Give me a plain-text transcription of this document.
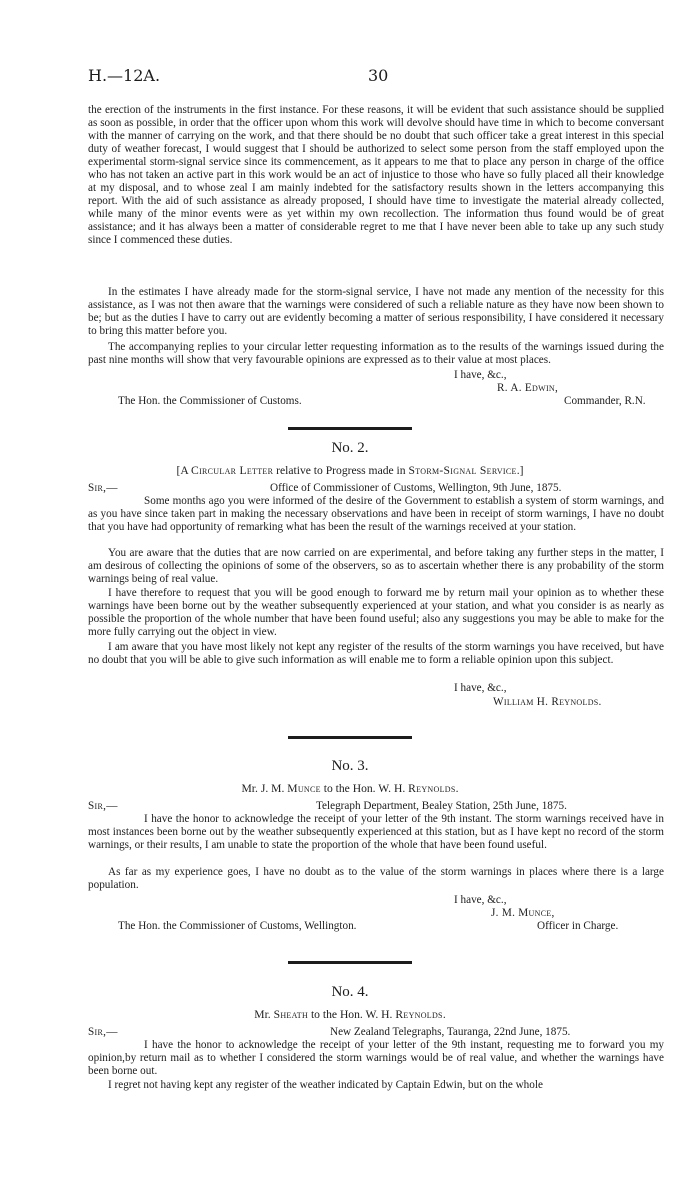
H.—12A.	30

the erection of the instruments in the first instance. For these reasons, it will be evident that such assistance should be supplied as soon as possible, in order that the officer upon whom this work will devolve should have time in which to become conversant with the manner of carrying on the work, and that there should be no doubt that such officer take a great interest in this special duty of weather forecast, I would suggest that I should be authorized to select some person from the staff employed upon the experimental storm-signal service since its commencement, as it appears to me that to place any person in charge of the office who has not taken an active part in this work would be an act of injustice to those who have so fully placed all their knowledge at my disposal, and to whose zeal I am mainly indebted for the satisfactory results shown in the letters accompanying this report. With the aid of such assistance as already proposed, I should have time to investigate the material already collected, while many of the minor events were as yet within my own recollection. The information thus found would be of great assistance; and it has always been a matter of considerable regret to me that I have never been able to take up any such study since I commenced these duties.

In the estimates I have already made for the storm-signal service, I have not made any mention of the necessity for this assistance, as I was not then aware that the warnings were considered of such a reliable nature as they have now been shown to be; but as the duties I have to carry out are evidently becoming a matter of serious responsibility, I have considered it necessary to bring this matter before you.

The accompanying replies to your circular letter requesting information as to the results of the warnings issued during the past nine months will show that very favourable opinions are expressed as to their value at most places.

I have, &c.,
R. A. Edwin,
The Hon. the Commissioner of Customs.	Commander, R.N.
No. 2.
[A Circular Letter relative to Progress made in Storm-Signal Service.]
Sir,—	Office of Commissioner of Customs, Wellington, 9th June, 1875.

Some months ago you were informed of the desire of the Government to establish a system of storm warnings, and as you have since taken part in making the necessary observations and have been in receipt of storm warnings, I have no doubt that you have had opportunity of remarking what has been the result of the warnings received at your station.

You are aware that the duties that are now carried on are experimental, and before taking any further steps in the matter, I am desirous of collecting the opinions of some of the observers, so as to ascertain whether there is any probability of the storm warnings being of real value.

I have therefore to request that you will be good enough to forward me by return mail your opinion as to whether these warnings have been borne out by the weather subsequently experienced at your station, and what you consider is as nearly as possible the proportion of the whole number that have been found useful; also any suggestions you may be able to make for the more fully carrying out the object in view.

I am aware that you have most likely not kept any register of the results of the storm warnings you have received, but have no doubt that you will be able to give such information as will enable me to form a reliable opinion upon this subject.

I have, &c.,
William H. Reynolds.
No. 3.
Mr. J. M. Munce to the Hon. W. H. Reynolds.
Sir,—	Telegraph Department, Bealey Station, 25th June, 1875.

I have the honor to acknowledge the receipt of your letter of the 9th instant. The storm warnings received have in most instances been borne out by the weather subsequently experienced at this station, but as I have kept no record of the storm warnings, or their results, I am unable to state the proportion of the whole that have been found useful.

As far as my experience goes, I have no doubt as to the value of the storm warnings in places where there is a large population.

I have, &c.,
J. M. Munce,
The Hon. the Commissioner of Customs, Wellington.	Officer in Charge.
No. 4.
Mr. Sheath to the Hon. W. H. Reynolds.
Sir,—	New Zealand Telegraphs, Tauranga, 22nd June, 1875.

I have the honor to acknowledge the receipt of your letter of the 9th instant, requesting me to forward you my opinion,by return mail as to whether I considered the storm warnings would be of real value, and whether the warnings have been borne out.

I regret not having kept any register of the weather indicated by Captain Edwin, but on the whole
